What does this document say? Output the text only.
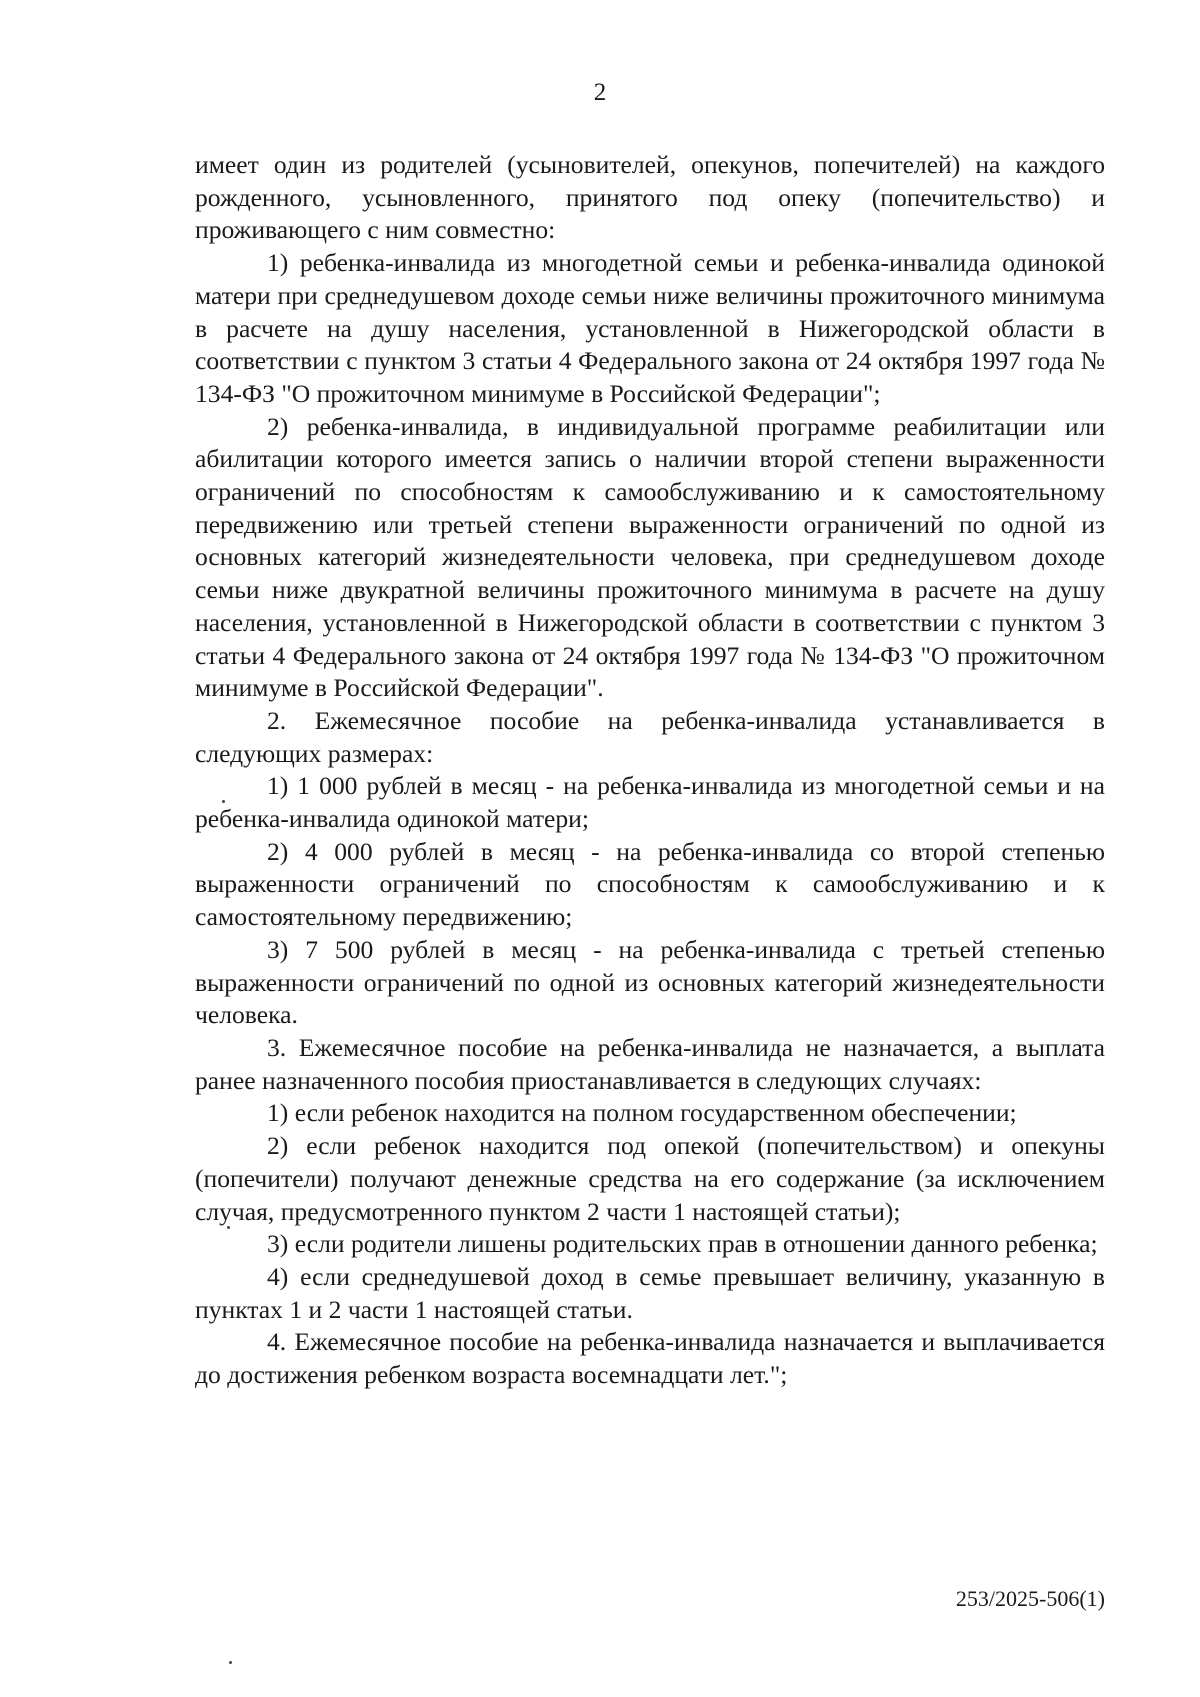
2

имеет один из родителей (усыновителей, опекунов, попечителей) на каждого рожденного, усыновленного, принятого под опеку (попечительство) и проживающего с ним совместно:

1) ребенка-инвалида из многодетной семьи и ребенка-инвалида одинокой матери при среднедушевом доходе семьи ниже величины прожиточного минимума в расчете на душу населения, установленной в Нижегородской области в соответствии с пунктом 3 статьи 4 Федерального закона от 24 октября 1997 года № 134-ФЗ "О прожиточном минимуме в Российской Федерации";

2) ребенка-инвалида, в индивидуальной программе реабилитации или абилитации которого имеется запись о наличии второй степени выраженности ограничений по способностям к самообслуживанию и к самостоятельному передвижению или третьей степени выраженности ограничений по одной из основных категорий жизнедеятельности человека, при среднедушевом доходе семьи ниже двукратной величины прожиточного минимума в расчете на душу населения, установленной в Нижегородской области в соответствии с пунктом 3 статьи 4 Федерального закона от 24 октября 1997 года № 134-ФЗ "О прожиточном минимуме в Российской Федерации".

2. Ежемесячное пособие на ребенка-инвалида устанавливается в следующих размерах:

1) 1 000 рублей в месяц - на ребенка-инвалида из многодетной семьи и на ребенка-инвалида одинокой матери;

2) 4 000 рублей в месяц - на ребенка-инвалида со второй степенью выраженности ограничений по способностям к самообслуживанию и к самостоятельному передвижению;

3) 7 500 рублей в месяц - на ребенка-инвалида с третьей степенью выраженности ограничений по одной из основных категорий жизнедеятельности человека.

3. Ежемесячное пособие на ребенка-инвалида не назначается, а выплата ранее назначенного пособия приостанавливается в следующих случаях:

1) если ребенок находится на полном государственном обеспечении;

2) если ребенок находится под опекой (попечительством) и опекуны (попечители) получают денежные средства на его содержание (за исключением случая, предусмотренного пунктом 2 части 1 настоящей статьи);

3) если родители лишены родительских прав в отношении данного ребенка;

4) если среднедушевой доход в семье превышает величину, указанную в пунктах 1 и 2 части 1 настоящей статьи.

4. Ежемесячное пособие на ребенка-инвалида назначается и выплачивается до достижения ребенком возраста восемнадцати лет.";

253/2025-506(1)
